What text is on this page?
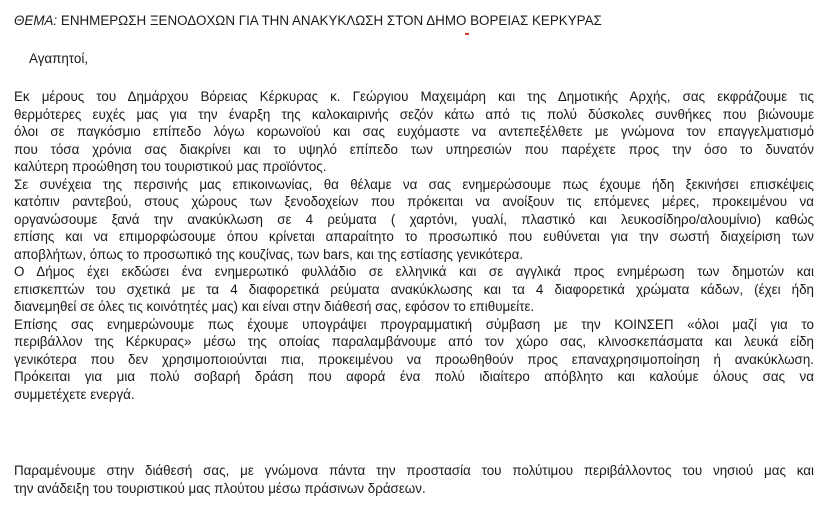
ΘΕΜΑ: ΕΝΗΜΕΡΩΣΗ ΞΕΝΟΔΟΧΩΝ ΓΙΑ ΤΗΝ ΑΝΑΚΥΚΛΩΣΗ ΣΤΟΝ ΔΗΜΟ ΒΟΡΕΙΑΣ ΚΕΡΚΥΡΑΣ
Αγαπητοί,
Εκ μέρους του Δημάρχου Βόρειας Κέρκυρας κ. Γεώργιου Μαχειμάρη και της Δημοτικής Αρχής, σας εκφράζουμε τις
θερμότερες ευχές μας για την έναρξη της καλοκαιρινής σεζόν κάτω από τις πολύ δύσκολες συνθήκες που βιώνουμε
όλοι σε παγκόσμιο επίπεδο λόγω κορωνοϊού και σας ευχόμαστε να αντεπεξέλθετε με γνώμονα τον επαγγελματισμό
που τόσα χρόνια σας διακρίνει και το υψηλό επίπεδο των υπηρεσιών που παρέχετε προς την όσο το δυνατόν
καλύτερη προώθηση του τουριστικού μας προϊόντος.
Σε συνέχεια της περσινής μας επικοινωνίας, θα θέλαμε να σας ενημερώσουμε πως έχουμε ήδη ξεκινήσει επισκέψεις
κατόπιν ραντεβού, στους χώρους των ξενοδοχείων που πρόκειται να ανοίξουν τις επόμενες μέρες, προκειμένου να
οργανώσουμε ξανά την ανακύκλωση σε 4 ρεύματα ( χαρτόνι, γυαλί, πλαστικό και λευκοσίδηρο/αλουμίνιο) καθώς
επίσης και να επιμορφώσουμε όπου κρίνεται απαραίτητο το προσωπικό που ευθύνεται για την σωστή διαχείριση των
αποβλήτων, όπως το προσωπικό της κουζίνας, των bars, και της εστίασης γενικότερα.
Ο Δήμος έχει εκδώσει ένα ενημερωτικό φυλλάδιο σε ελληνικά και σε αγγλικά προς ενημέρωση των δημοτών και
επισκεπτών του σχετικά με τα 4 διαφορετικά ρεύματα ανακύκλωσης και τα 4 διαφορετικά χρώματα κάδων, (έχει ήδη
διανεμηθεί σε όλες τις κοινότητές μας) και είναι στην διάθεσή σας, εφόσον το επιθυμείτε.
Επίσης σας ενημερώνουμε πως έχουμε υπογράψει προγραμματική σύμβαση με την ΚΟΙΝΣΕΠ «όλοι μαζί για το
περιβάλλον της Κέρκυρας» μέσω της οποίας παραλαμβάνουμε από τον χώρο σας, κλινοσκεπάσματα και λευκά είδη
γενικότερα που δεν χρησιμοποιούνται πια, προκειμένου να προωθηθούν προς επαναχρησιμοποίηση ή ανακύκλωση.
Πρόκειται για μια πολύ σοβαρή δράση που αφορά ένα πολύ ιδιαίτερο απόβλητο και καλούμε όλους σας να
συμμετέχετε ενεργά.
Παραμένουμε στην διάθεσή σας, με γνώμονα πάντα την προστασία του πολύτιμου περιβάλλοντος του νησιού μας και
την ανάδειξη του τουριστικού μας πλούτου μέσω πράσινων δράσεων.
